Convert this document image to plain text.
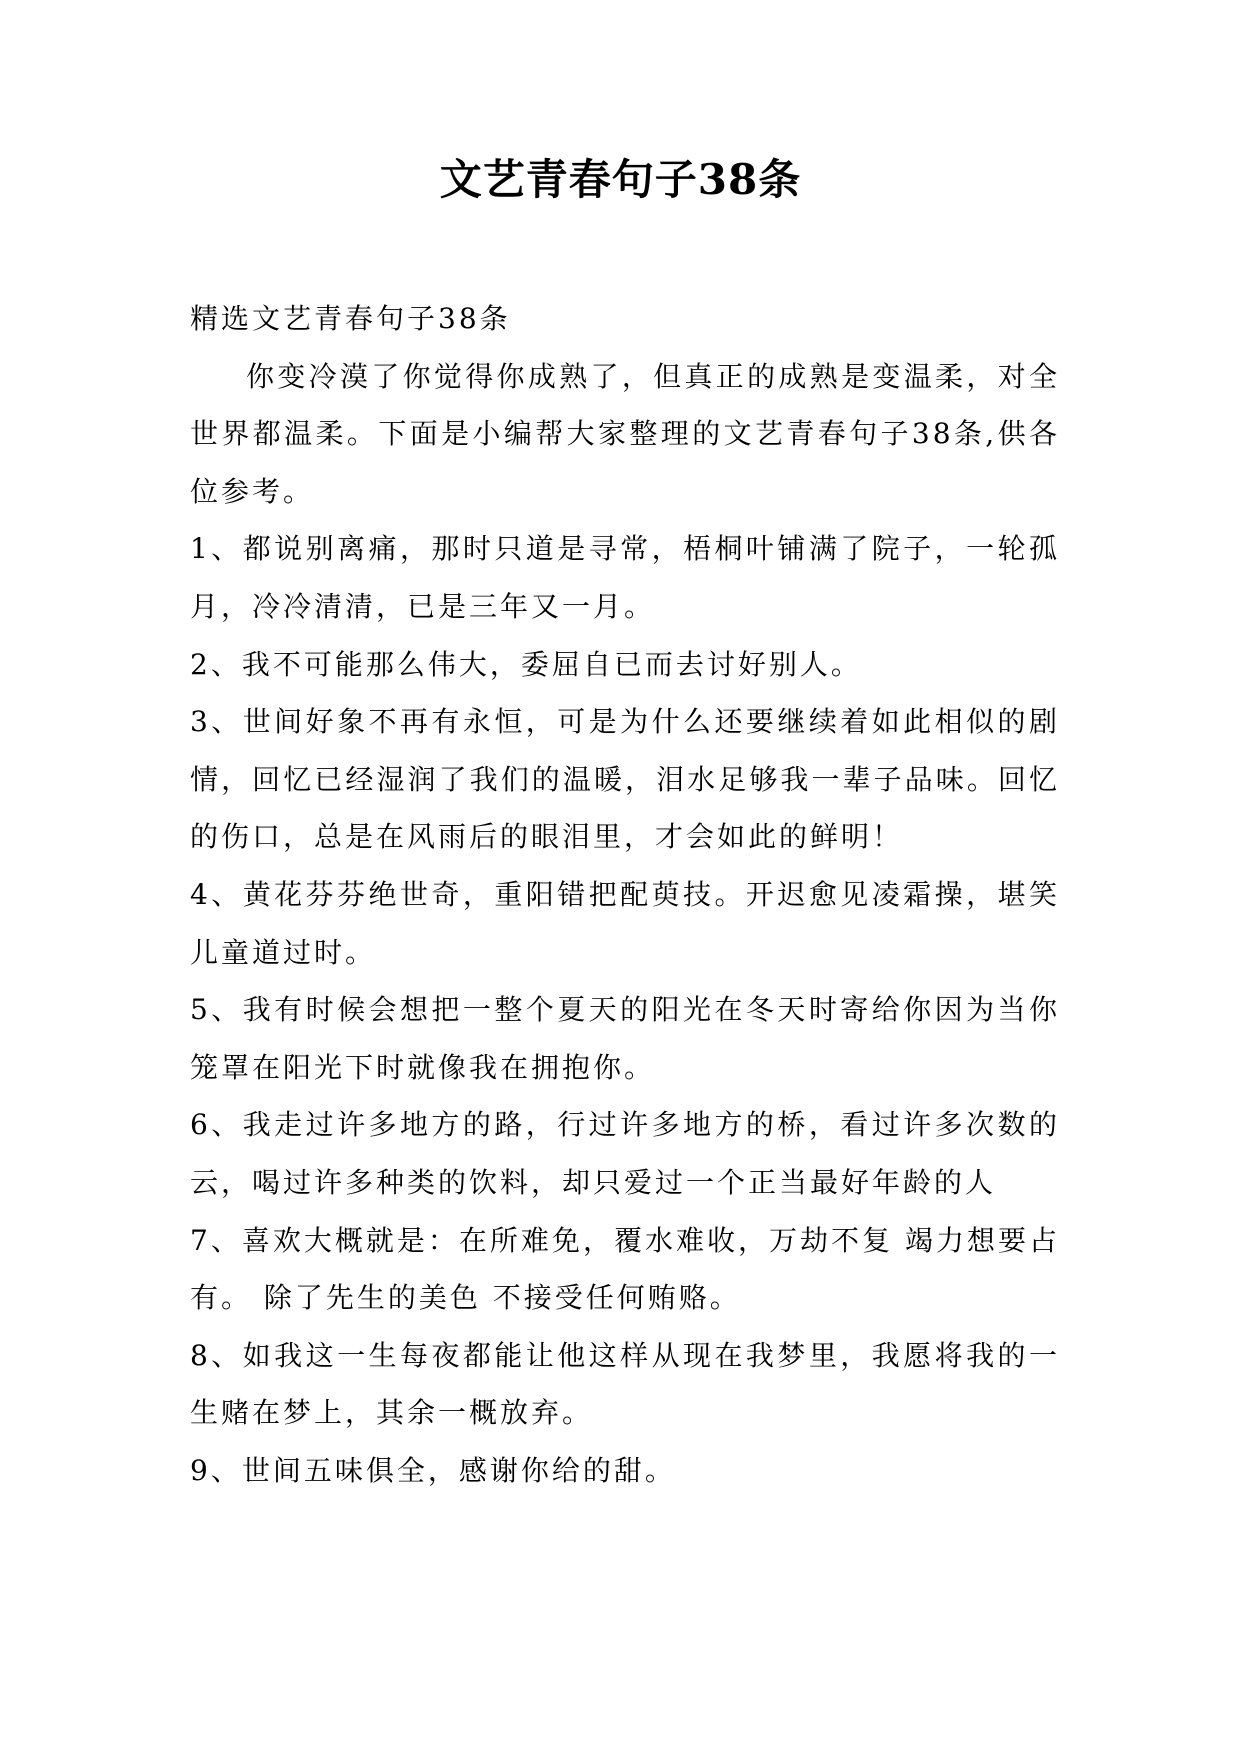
文艺青春句子38条

精选文艺青春句子38条

你变冷漠了你觉得你成熟了，但真正的成熟是变温柔，对全世界都温柔。下面是小编帮大家整理的文艺青春句子38条,供各位参考。

1、都说别离痛，那时只道是寻常，梧桐叶铺满了院子，一轮孤月，冷冷清清，已是三年又一月。

2、我不可能那么伟大，委屈自已而去讨好别人。

3、世间好象不再有永恒，可是为什么还要继续着如此相似的剧情，回忆已经湿润了我们的温暖，泪水足够我一辈子品味。回忆的伤口，总是在风雨后的眼泪里，才会如此的鲜明！

4、黄花芬芬绝世奇，重阳错把配萸技。开迟愈见凌霜操，堪笑儿童道过时。

5、我有时候会想把一整个夏天的阳光在冬天时寄给你因为当你笼罩在阳光下时就像我在拥抱你。

6、我走过许多地方的路，行过许多地方的桥，看过许多次数的云，喝过许多种类的饮料，却只爱过一个正当最好年龄的人

7、喜欢大概就是：在所难免，覆水难收，万劫不复 竭力想要占有。 除了先生的美色 不接受任何贿赂。

8、如我这一生每夜都能让他这样从现在我梦里，我愿将我的一生赌在梦上，其余一概放弃。

9、世间五味俱全，感谢你给的甜。
